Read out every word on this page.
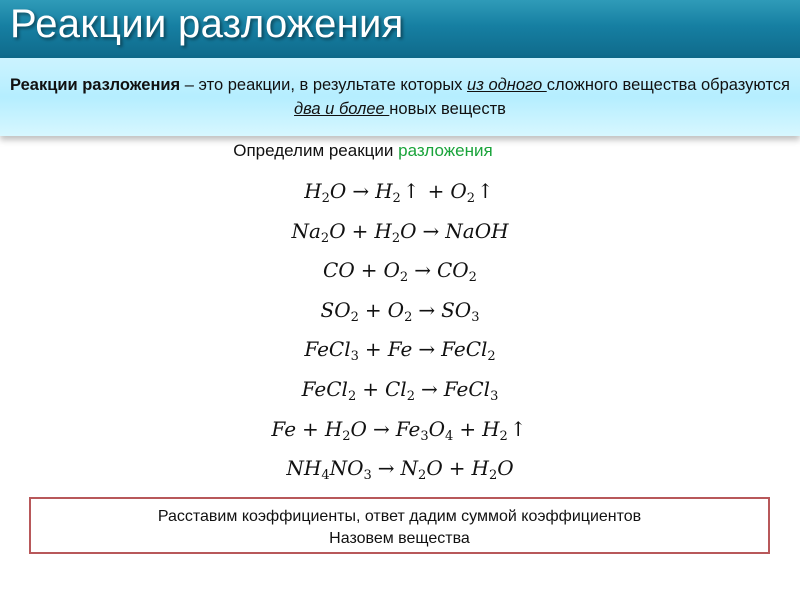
Реакции разложения
Реакции разложения – это реакции, в результате которых из одного сложного вещества образуются два и более новых веществ
Определим реакции разложения
$H_2O \to H_2$ ↑ + $O_2$ ↑
$Na_2O + H_2O$ → NaOH
CO + $O_2 \to CO_2$
$SO_2 + O_2 \to SO_3$
FeCl$_3$ + Fe → FeCl$_2$
FeCl$_2$ + $Cl_2$ → FeCl$_3$
$Fe + H_2O \to Fe_3O_4 + H_2$ ↑
$NH_4NO_3 \to N_2O + H_2O$
Расставим коэффициенты, ответ дадим суммой коэффициентов
Назовем вещества
